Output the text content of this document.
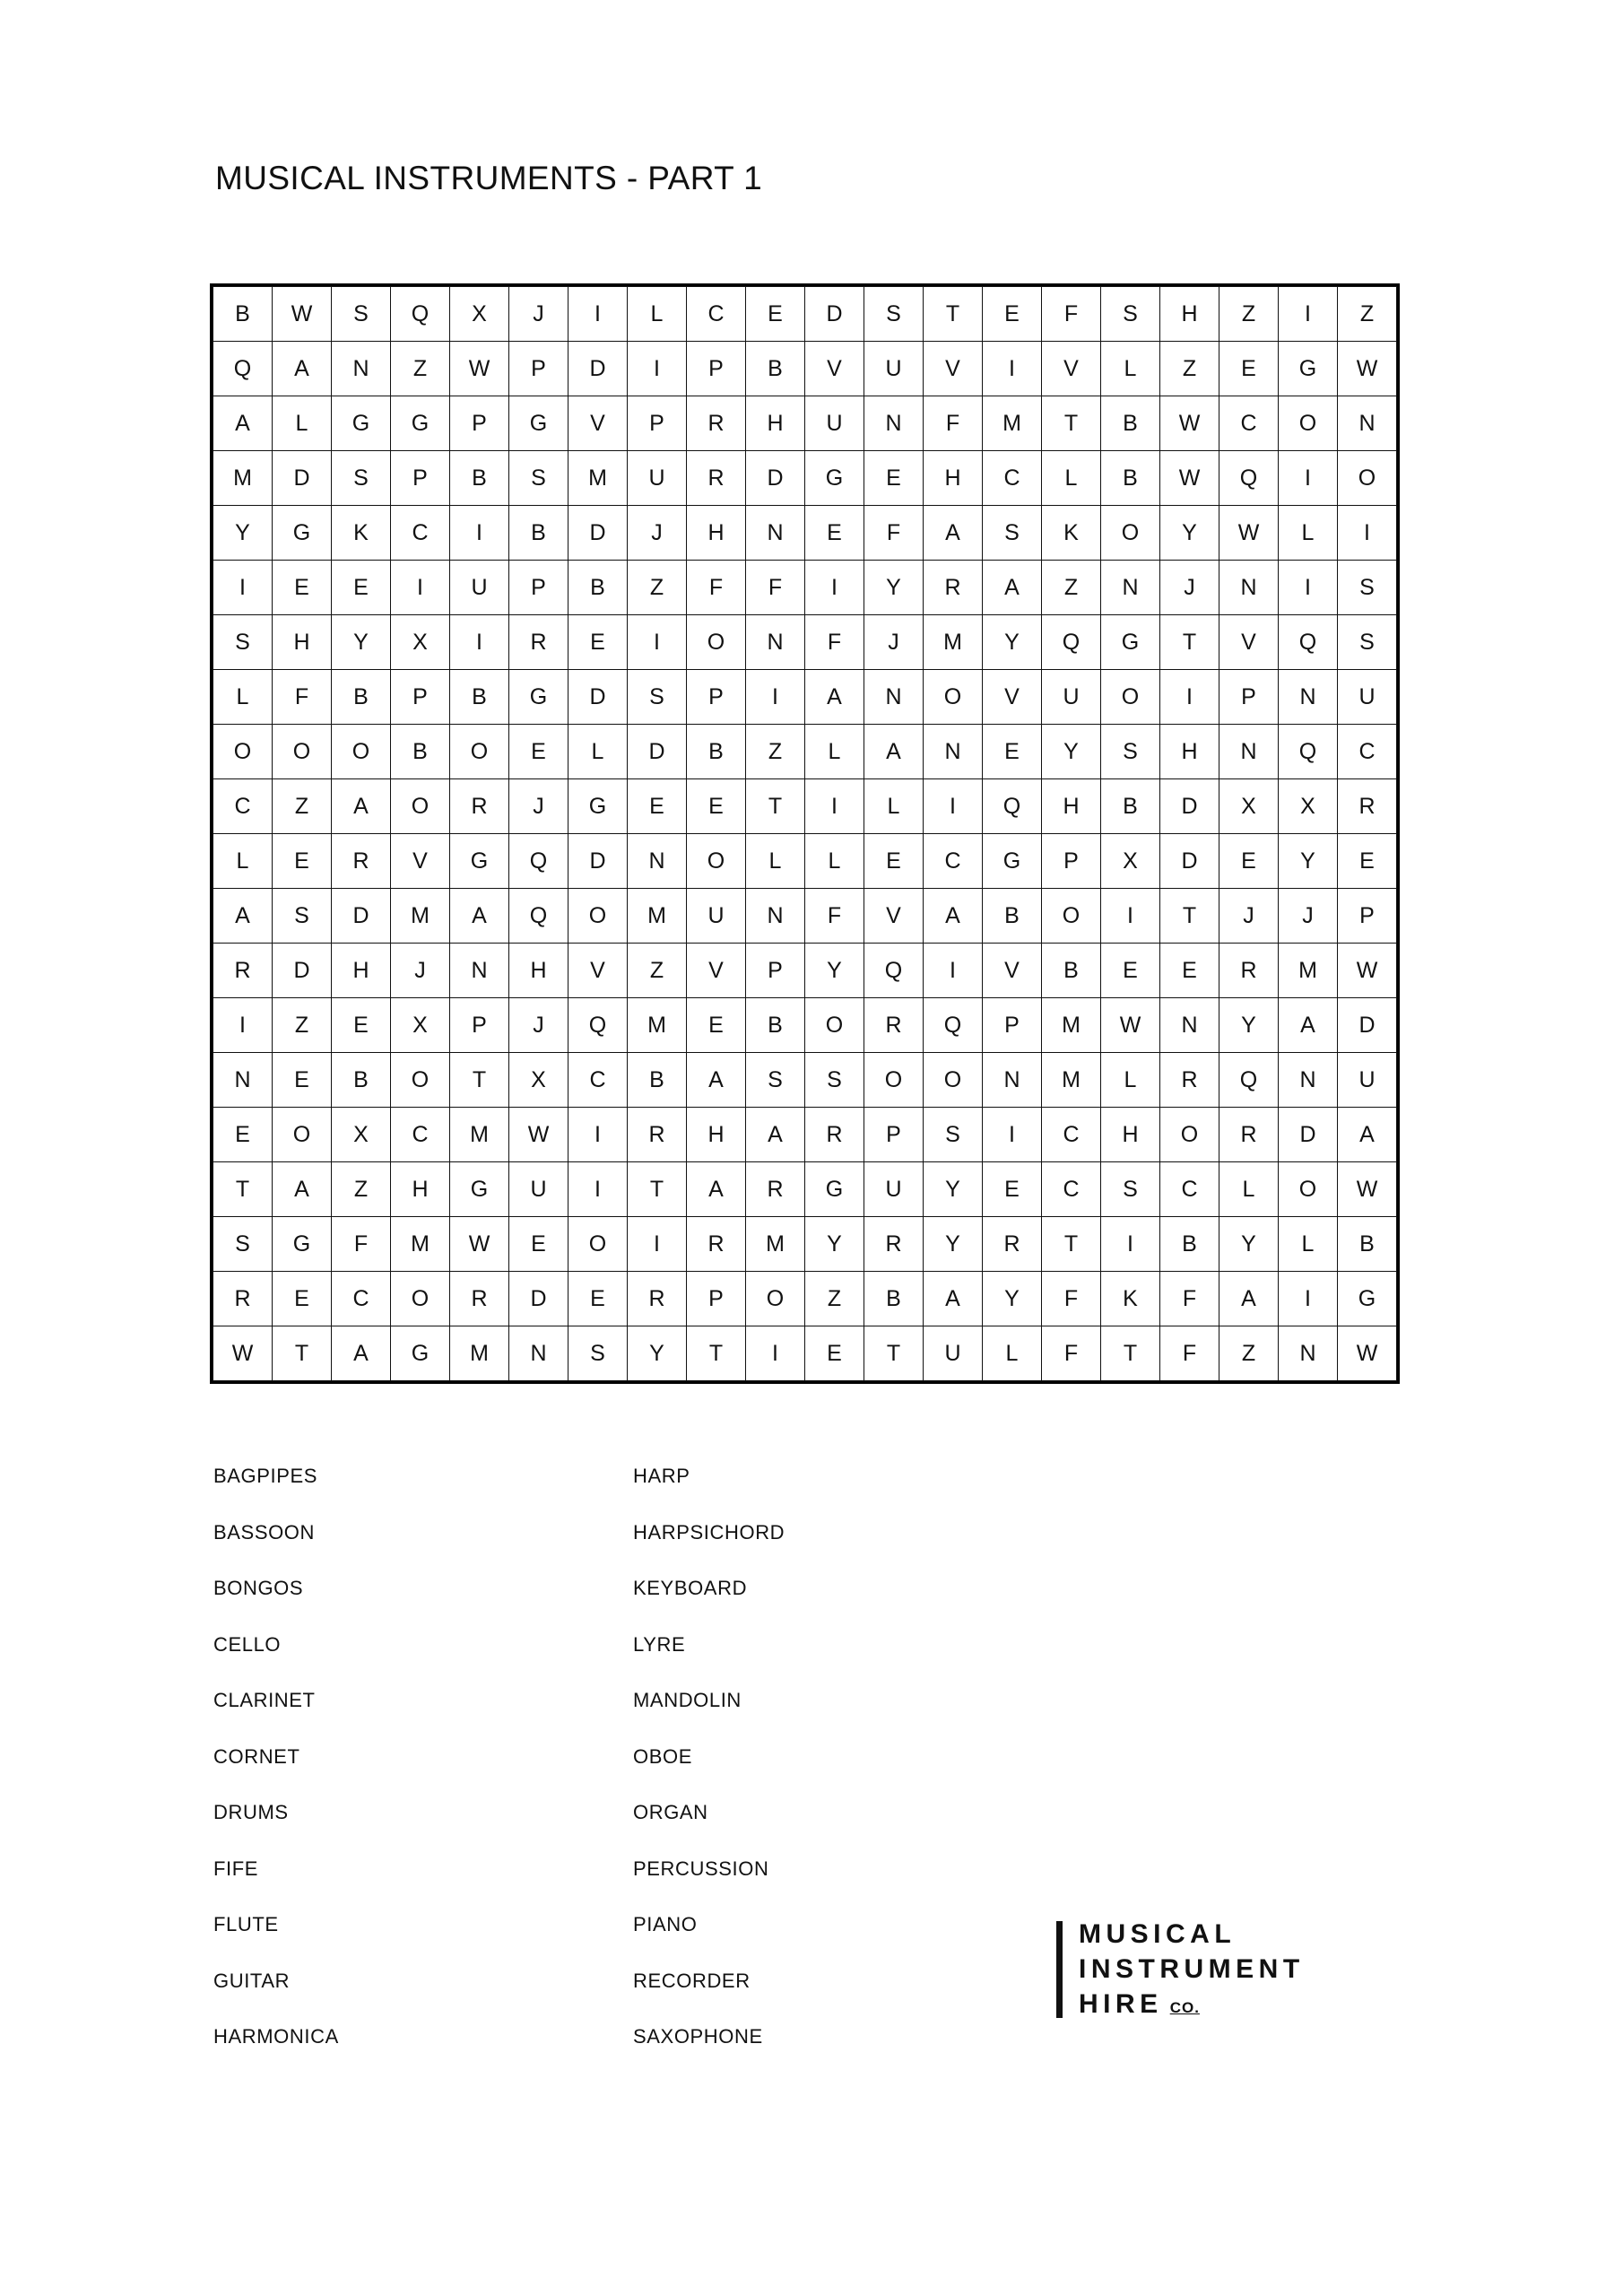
MUSICAL INSTRUMENTS - PART 1
B	W	S	Q	X	J	I	L	C	E	D	S	T	E	F	S	H	Z	I	Z
Q	A	N	Z	W	P	D	I	P	B	V	U	V	I	V	L	Z	E	G	W
A	L	G	G	P	G	V	P	R	H	U	N	F	M	T	B	W	C	O	N
M	D	S	P	B	S	M	U	R	D	G	E	H	C	L	B	W	Q	I	O
Y	G	K	C	I	B	D	J	H	N	E	F	A	S	K	O	Y	W	L	I
I	E	E	I	U	P	B	Z	F	F	I	Y	R	A	Z	N	J	N	I	S
S	H	Y	X	I	R	E	I	O	N	F	J	M	Y	Q	G	T	V	Q	S
L	F	B	P	B	G	D	S	P	I	A	N	O	V	U	O	I	P	N	U
O	O	O	B	O	E	L	D	B	Z	L	A	N	E	Y	S	H	N	Q	C
C	Z	A	O	R	J	G	E	E	T	I	L	I	Q	H	B	D	X	X	R
L	E	R	V	G	Q	D	N	O	L	L	E	C	G	P	X	D	E	Y	E
A	S	D	M	A	Q	O	M	U	N	F	V	A	B	O	I	T	J	J	P
R	D	H	J	N	H	V	Z	V	P	Y	Q	I	V	B	E	E	R	M	W
I	Z	E	X	P	J	Q	M	E	B	O	R	Q	P	M	W	N	Y	A	D
N	E	B	O	T	X	C	B	A	S	S	O	O	N	M	L	R	Q	N	U
E	O	X	C	M	W	I	R	H	A	R	P	S	I	C	H	O	R	D	A
T	A	Z	H	G	U	I	T	A	R	G	U	Y	E	C	S	C	L	O	W
S	G	F	M	W	E	O	I	R	M	Y	R	Y	R	T	I	B	Y	L	B
R	E	C	O	R	D	E	R	P	O	Z	B	A	Y	F	K	F	A	I	G
W	T	A	G	M	N	S	Y	T	I	E	T	U	L	F	T	F	Z	N	W
BAGPIPES
BASSOON
BONGOS
CELLO
CLARINET
CORNET
DRUMS
FIFE
FLUTE
GUITAR
HARMONICA
HARP
HARPSICHORD
KEYBOARD
LYRE
MANDOLIN
OBOE
ORGAN
PERCUSSION
PIANO
RECORDER
SAXOPHONE
MUSICAL
INSTRUMENT
HIRE CO.
